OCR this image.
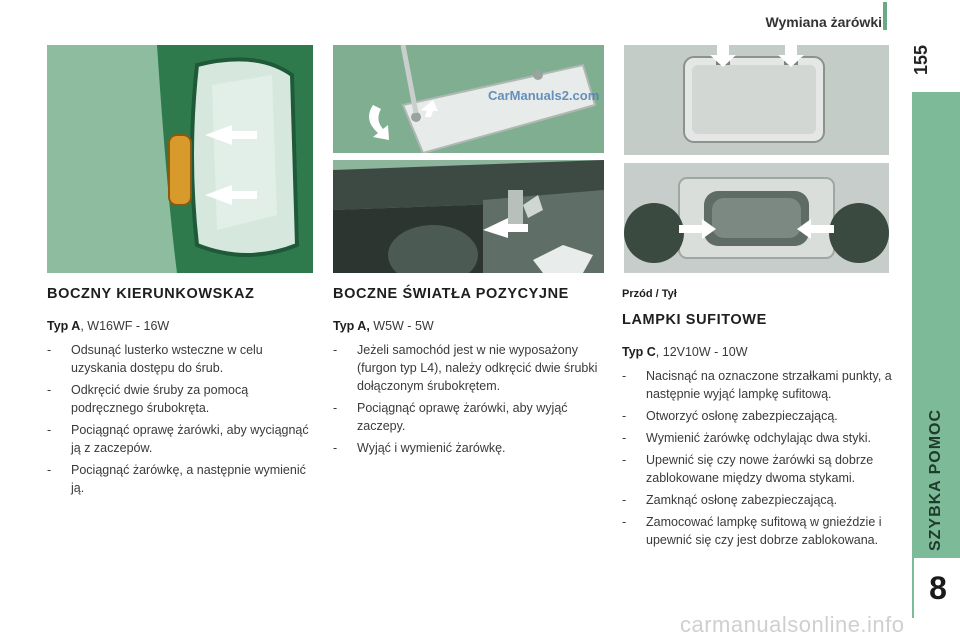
Wymiana żarówki
155
SZYBKA POMOC
8
CarManuals2.com
BOCZNY KIERUNKOWSKAZ

Typ A, W16WF - 16W

- Odsunąć lusterko wsteczne w celu uzyskania dostępu do śrub.
- Odkręcić dwie śruby za pomocą podręcznego śrubokręta.
- Pociągnąć oprawę żarówki, aby wyciągnąć ją z zaczepów.
- Pociągnąć żarówkę, a następnie wymienić ją.
BOCZNE ŚWIATŁA POZYCYJNE

Typ A, W5W - 5W

- Jeżeli samochód jest w nie wyposażony (furgon typ L4), należy odkręcić dwie śrubki dołączonym śrubokrętem.
- Pociągnąć oprawę żarówki, aby wyjąć zaczepy.
- Wyjąć i wymienić żarówkę.
Przód / Tył
LAMPKI SUFITOWE

Typ C, 12V10W - 10W

- Nacisnąć na oznaczone strzałkami punkty, a następnie wyjąć lampkę sufitową.
- Otworzyć osłonę zabezpieczającą.
- Wymienić żarówkę odchylając dwa styki.
- Upewnić się czy nowe żarówki są dobrze zablokowane między dwoma stykami.
- Zamknąć osłonę zabezpieczającą.
- Zamocować lampkę sufitową w gnieździe i upewnić się czy jest dobrze zablokowana.
carmanualsonline.info
